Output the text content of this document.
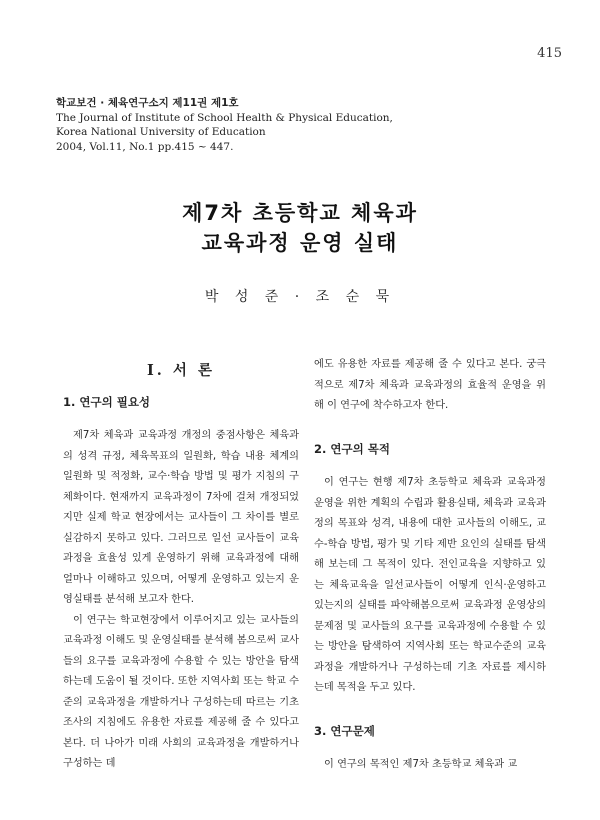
415
학교보건 · 체육연구소지 제11권 제1호
The Journal of Institute of School Health & Physical Education,
Korea National University of Education
2004, Vol.11, No.1 pp.415 ~ 447.
제7차 초등학교 체육과
교육과정 운영 실태
박 성 준 · 조 순 묵
I. 서 론
1. 연구의 필요성

제7차 체육과 교육과정 개정의 중점사항은 체육과의 성격 규정, 체육목표의 일원화, 학습 내용 체계의 일원화 및 적정화, 교수·학습 방법 및 평가 지침의 구체화이다. 현재까지 교육과정이 7차에 걸쳐 개정되었지만 실제 학교 현장에서는 교사들이 그 차이를 별로 실감하지 못하고 있다. 그러므로 일선 교사들이 교육과정을 효율성 있게 운영하기 위해 교육과정에 대해 얼마나 이해하고 있으며, 어떻게 운영하고 있는지 운영실태를 분석해 보고자 한다.

이 연구는 학교현장에서 이루어지고 있는 교사들의 교육과정 이해도 및 운영실태를 분석해 봄으로써 교사들의 요구를 교육과정에 수용할 수 있는 방안을 탐색하는데 도움이 될 것이다. 또한 지역사회 또는 학교 수준의 교육과정을 개발하거나 구성하는데 따르는 기초조사의 지침에도 유용한 자료를 제공해 줄 수 있다고 본다. 더 나아가 미래 사회의 교육과정을 개발하거나 구성하는 데

에도 유용한 자료를 제공해 줄 수 있다고 본다. 궁극적으로 제7차 체육과 교육과정의 효율적 운영을 위해 이 연구에 착수하고자 한다.

2. 연구의 목적

이 연구는 현행 제7차 초등학교 체육과 교육과정 운영을 위한 계획의 수립과 활용실태, 체육과 교육과정의 목표와 성격, 내용에 대한 교사들의 이해도, 교수-학습 방법, 평가 및 기타 제반 요인의 실태를 탐색해 보는데 그 목적이 있다. 전인교육을 지향하고 있는 체육교육을 일선교사들이 어떻게 인식·운영하고 있는지의 실태를 파악해봄으로써 교육과정 운영상의 문제점 및 교사들의 요구를 교육과정에 수용할 수 있는 방안을 탐색하여 지역사회 또는 학교수준의 교육과정을 개발하거나 구성하는데 기초 자료를 제시하는데 목적을 두고 있다.

3. 연구문제

이 연구의 목적인 제7차 초등학교 체육과 교
